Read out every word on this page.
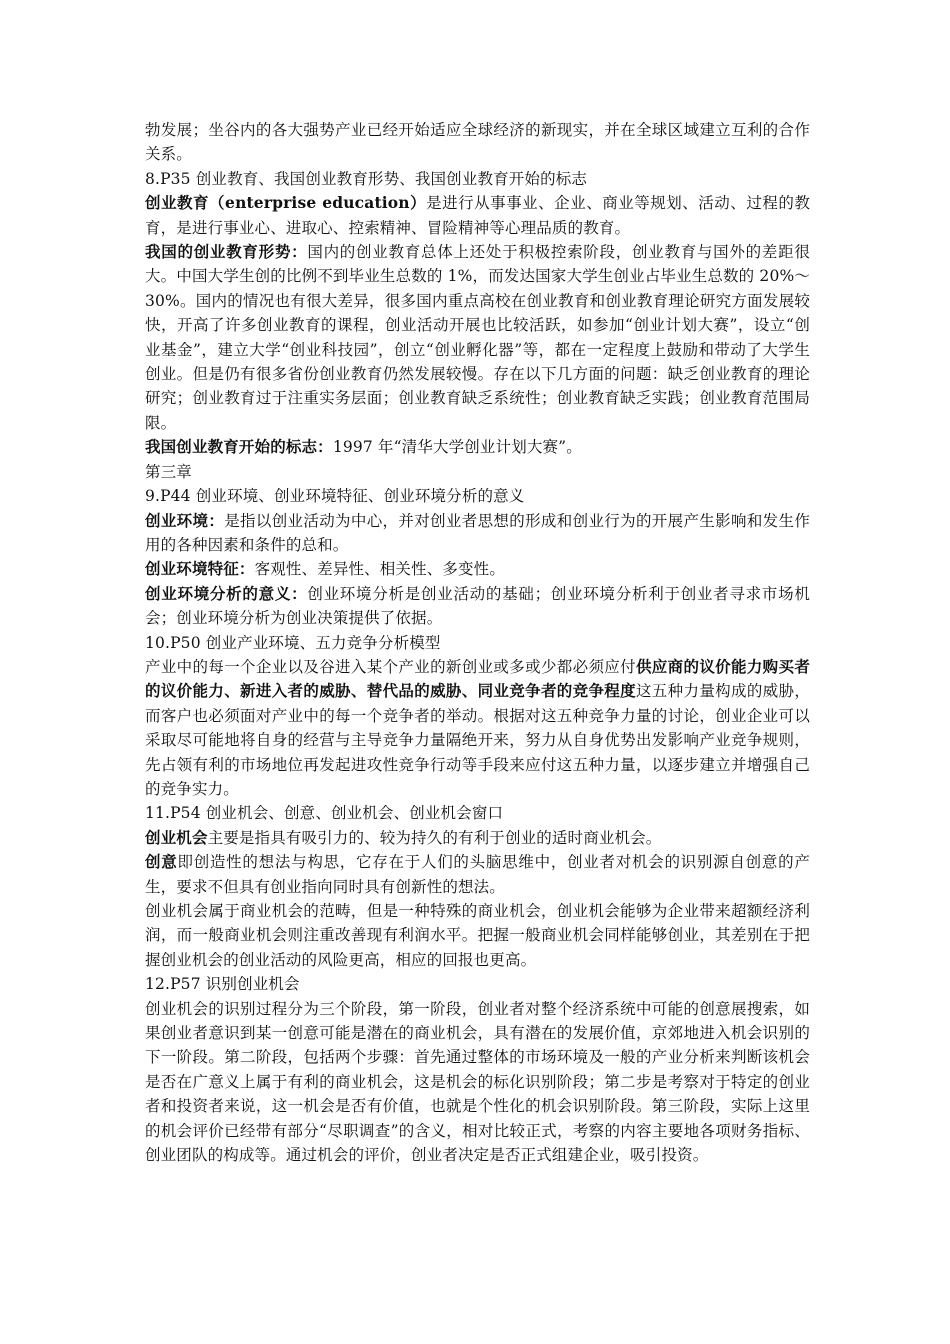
勃发展；坐谷内的各大强势产业已经开始适应全球经济的新现实，并在全球区域建立互利的合作关系。

8.P35 创业教育、我国创业教育形势、我国创业教育开始的标志

创业教育（enterprise education）是进行从事事业、企业、商业等规划、活动、过程的教育，是进行事业心、进取心、控索精神、冒险精神等心理品质的教育。

我国的创业教育形势：国内的创业教育总体上还处于积极控索阶段，创业教育与国外的差距很大。中国大学生创的比例不到毕业生总数的 1%，而发达国家大学生创业占毕业生总数的 20%～30%。国内的情况也有很大差异，很多国内重点高校在创业教育和创业教育理论研究方面发展较快，开高了许多创业教育的课程，创业活动开展也比较活跃，如参加“创业计划大赛”，设立“创业基金”，建立大学“创业科技园”，创立“创业孵化器”等，都在一定程度上鼓励和带动了大学生创业。但是仍有很多省份创业教育仍然发展较慢。存在以下几方面的问题：缺乏创业教育的理论研究；创业教育过于注重实务层面；创业教育缺乏系统性；创业教育缺乏实践；创业教育范围局限。

我国创业教育开始的标志：1997 年“清华大学创业计划大赛”。

第三章

9.P44 创业环境、创业环境特征、创业环境分析的意义

创业环境：是指以创业活动为中心，并对创业者思想的形成和创业行为的开展产生影响和发生作用的各种因素和条件的总和。

创业环境特征：客观性、差异性、相关性、多变性。

创业环境分析的意义：创业环境分析是创业活动的基础；创业环境分析利于创业者寻求市场机会；创业环境分析为创业决策提供了依据。

10.P50 创业产业环境、五力竞争分析模型

产业中的每一个企业以及谷进入某个产业的新创业或多或少都必须应付供应商的议价能力购买者的议价能力、新进入者的威胁、替代品的威胁、同业竞争者的竞争程度这五种力量构成的威胁，而客户也必须面对产业中的每一个竞争者的举动。根据对这五种竞争力量的讨论，创业企业可以采取尽可能地将自身的经营与主导竞争力量隔绝开来，努力从自身优势出发影响产业竞争规则，先占领有利的市场地位再发起进攻性竞争行动等手段来应付这五种力量，以逐步建立并增强自己的竞争实力。

11.P54 创业机会、创意、创业机会、创业机会窗口

创业机会主要是指具有吸引力的、较为持久的有利于创业的适时商业机会。

创意即创造性的想法与构思，它存在于人们的头脑思维中，创业者对机会的识别源自创意的产生，要求不但具有创业指向同时具有创新性的想法。

创业机会属于商业机会的范畴，但是一种特殊的商业机会，创业机会能够为企业带来超额经济利润，而一般商业机会则注重改善现有利润水平。把握一般商业机会同样能够创业，其差别在于把握创业机会的创业活动的风险更高，相应的回报也更高。

12.P57 识别创业机会

创业机会的识别过程分为三个阶段，第一阶段，创业者对整个经济系统中可能的创意展搜索，如果创业者意识到某一创意可能是潜在的商业机会，具有潜在的发展价值，京郊地进入机会识别的下一阶段。第二阶段，包括两个步骤：首先通过整体的市场环境及一般的产业分析来判断该机会是否在广意义上属于有利的商业机会，这是机会的标化识别阶段；第二步是考察对于特定的创业者和投资者来说，这一机会是否有价值，也就是个性化的机会识别阶段。第三阶段，实际上这里的机会评价已经带有部分“尽职调查”的含义，相对比较正式，考察的内容主要地各项财务指标、创业团队的构成等。通过机会的评价，创业者决定是否正式组建企业，吸引投资。
